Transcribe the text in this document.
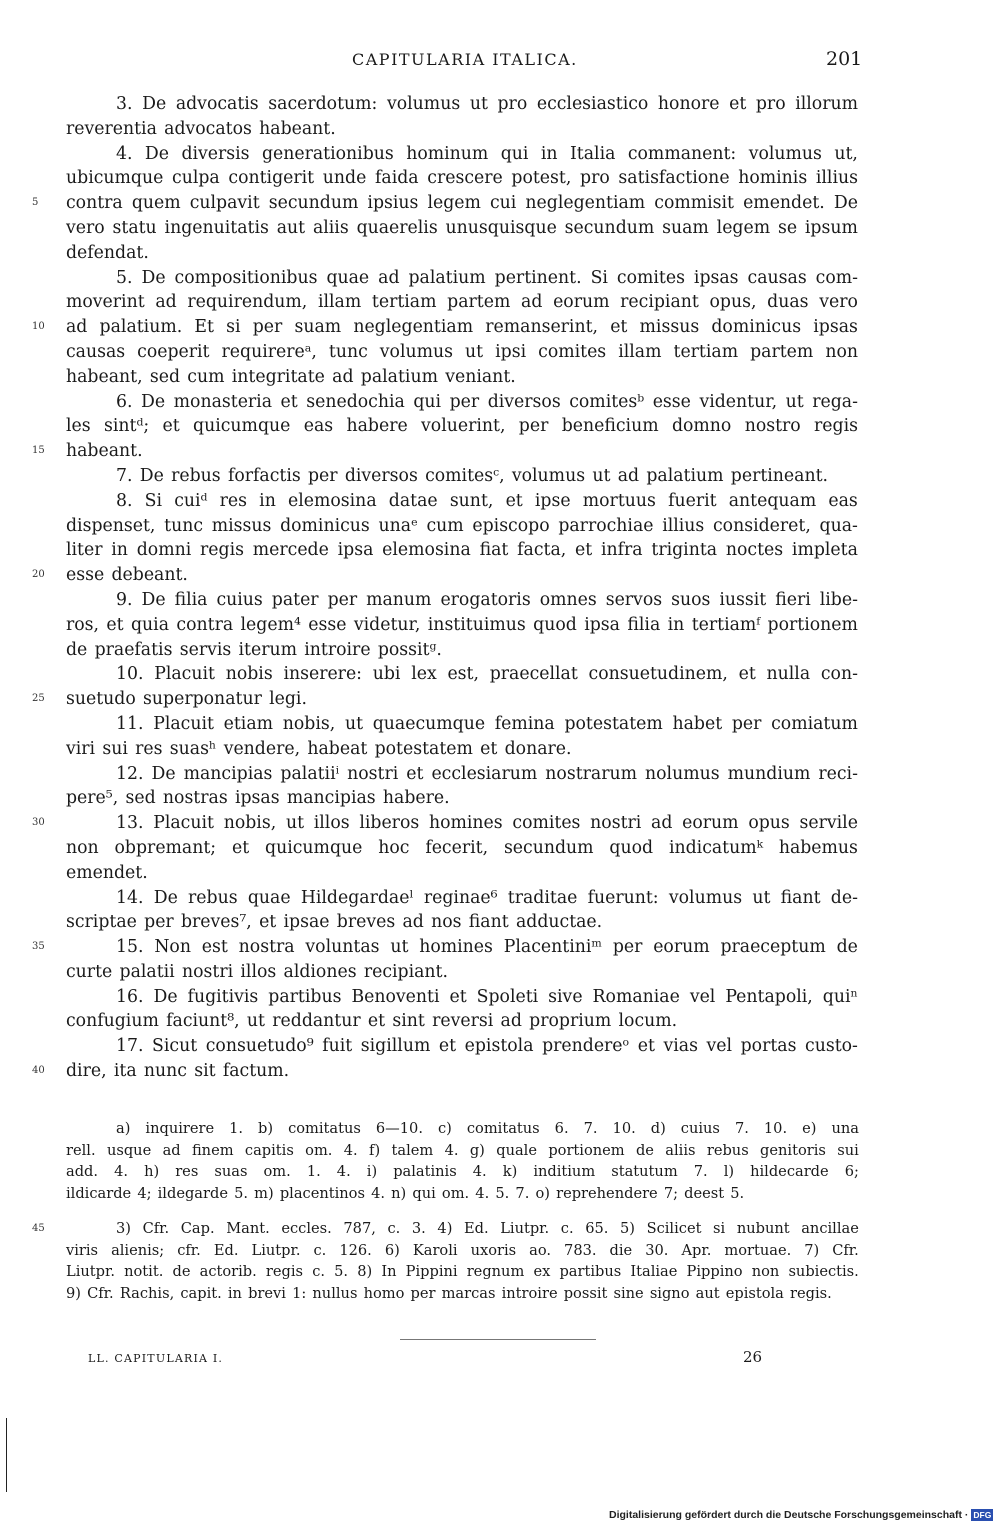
CAPITULARIA ITALICA.	201
3. De advocatis sacerdotum: volumus ut pro ecclesiastico honore et pro illorum
reverentia advocatos habeant.
4. De diversis generationibus hominum qui in Italia commanent: volumus ut,
ubicumque culpa contigerit unde faida crescere potest, pro satisfactione hominis illius
5 contra quem culpavit secundum ipsius legem cui neglegentiam commisit emendet. De
vero statu ingenuitatis aut aliis quaerelis unusquisque secundum suam legem se ipsum
defendat.
5. De compositionibus quae ad palatium pertinent. Si comites ipsas causas com-
moverint ad requirendum, illam tertiam partem ad eorum recipiant opus, duas vero
10 ad palatium. Et si per suam neglegentiam remanserint, et missus dominicus ipsas
causas coeperit requirereᵃ, tunc volumus ut ipsi comites illam tertiam partem non
habeant, sed cum integritate ad palatium veniant.
6. De monasteria et senedochia qui per diversos comitesᵇ esse videntur, ut rega-
les sintᵈ; et quicumque eas habere voluerint, per beneficium domno nostro regis
15 habeant.
7. De rebus forfactis per diversos comitesᶜ, volumus ut ad palatium pertineant.
8. Si cuiᵈ res in elemosina datae sunt, et ipse mortuus fuerit antequam eas
dispenset, tunc missus dominicus unaᵉ cum episcopo parrochiae illius consideret, qua-
liter in domni regis mercede ipsa elemosina fiat facta, et infra triginta noctes impleta
20 esse debeant.
9. De filia cuius pater per manum erogatoris omnes servos suos iussit fieri libe-
ros, et quia contra legem⁴ esse videtur, instituimus quod ipsa filia in tertiamᶠ portionem
de praefatis servis iterum introire possitᵍ.
10. Placuit nobis inserere: ubi lex est, praecellat consuetudinem, et nulla con-
25 suetudo superponatur legi.
11. Placuit etiam nobis, ut quaecumque femina potestatem habet per comiatum
viri sui res suasʰ vendere, habeat potestatem et donare.
12. De mancipias palatiiⁱ nostri et ecclesiarum nostrarum nolumus mundium reci-
pere⁵, sed nostras ipsas mancipias habere.
30	13. Placuit nobis, ut illos liberos homines comites nostri ad eorum opus servile
non obpremant; et quicumque hoc fecerit, secundum quod indicatumᵏ habemus
emendet.
14. De rebus quae Hildegardaeˡ reginae⁶ traditae fuerunt: volumus ut fiant de-
scriptae per breves⁷, et ipsae breves ad nos fiant adductae.
35	15. Non est nostra voluntas ut homines Placentiniᵐ per eorum praeceptum de
curte palatii nostri illos aldiones recipiant.
16. De fugitivis partibus Benoventi et Spoleti sive Romaniae vel Pentapoli, quiⁿ
confugium faciunt⁸, ut reddantur et sint reversi ad proprium locum.
17. Sicut consuetudo⁹ fuit sigillum et epistola prendereᵒ et vias vel portas custo-
40 dire, ita nunc sit factum.
a) inquirere 1. b) comitatus 6—10. c) comitatus 6. 7. 10. d) cuius 7. 10. e) una
rell. usque ad finem capitis om. 4. f) talem 4. g) quale portionem de aliis rebus genitoris sui
add. 4. h) res suas om. 1. 4. i) palatinis 4. k) inditium statutum 7. l) hildecarde 6;
ildicarde 4; ildegarde 5. m) placentinos 4. n) qui om. 4. 5. 7. o) reprehendere 7; deest 5.
45	3) Cfr. Cap. Mant. eccles. 787, c. 3. 4) Ed. Liutpr. c. 65. 5) Scilicet si nubunt ancillae
viris alienis; cfr. Ed. Liutpr. c. 126. 6) Karoli uxoris ao. 783. die 30. Apr. mortuae. 7) Cfr.
Liutpr. notit. de actorib. regis c. 5. 8) In Pippini regnum ex partibus Italiae Pippino non subiectis.
9) Cfr. Rachis, capit. in brevi 1: nullus homo per marcas introire possit sine signo aut epistola regis.
LL. CAPITULARIA I.	26
Digitalisierung gefördert durch die Deutsche Forschungsgemeinschaft · DFG
